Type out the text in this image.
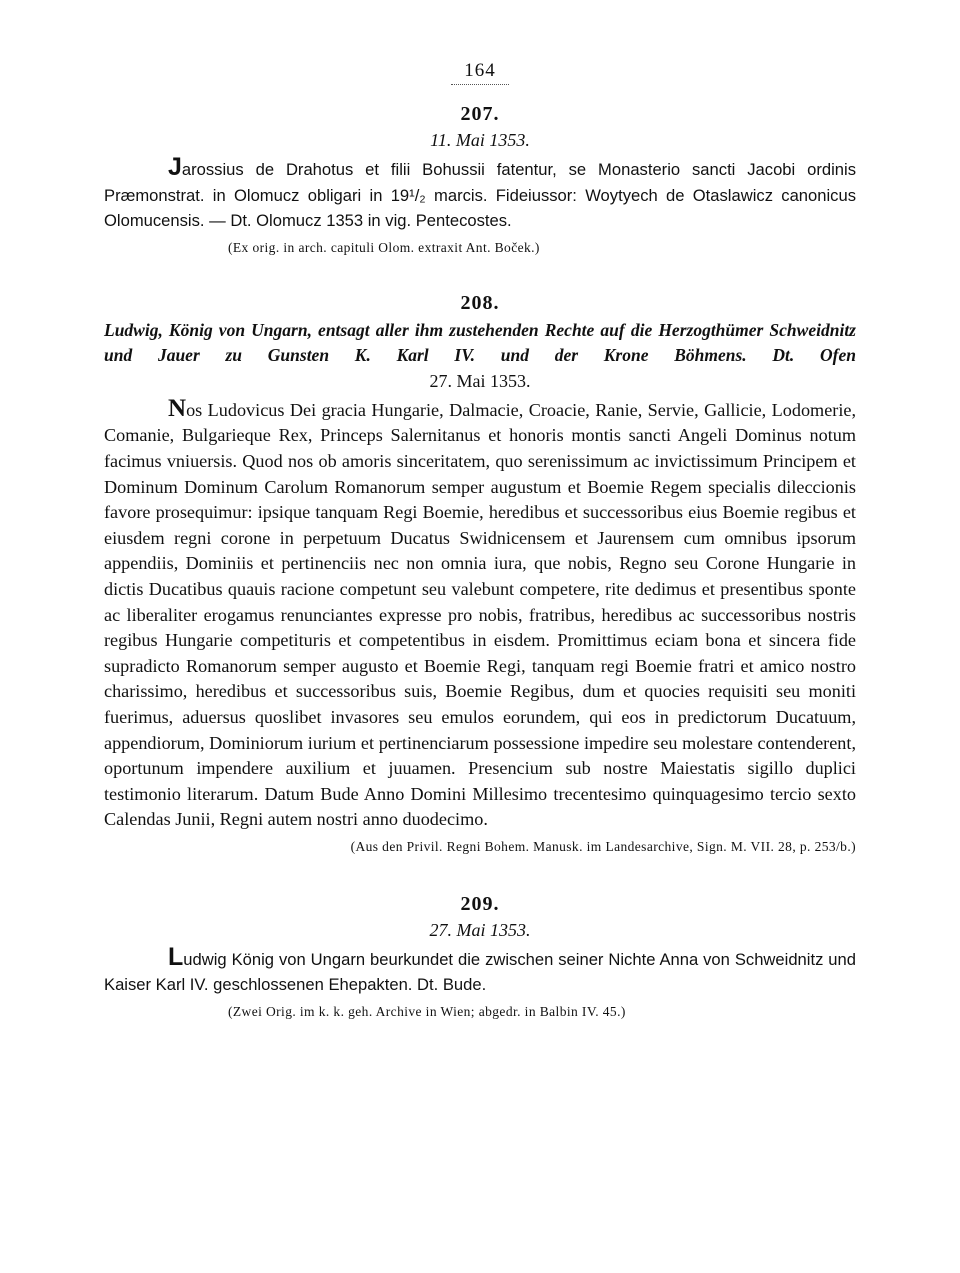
164
207.
11. Mai 1353.

Jarossius de Drahotus et filii Bohussii fatentur, se Monasterio sancti Jacobi ordinis Præmonstrat. in Olomucz obligari in 19¹/₂ marcis. Fideiussor: Woytyech de Otaslawicz canonicus Olomucensis. — Dt. Olomucz 1353 in vig. Pentecostes.

(Ex orig. in arch. capituli Olom. extraxit Ant. Boček.)
208.
Ludwig, König von Ungarn, entsagt aller ihm zustehenden Rechte auf die Herzogthümer Schweidnitz und Jauer zu Gunsten K. Karl IV. und der Krone Böhmens. Dt. Ofen
27. Mai 1353.

Nos Ludovicus Dei gracia Hungarie, Dalmacie, Croacie, Ranie, Servie, Gallicie, Lodomerie, Comanie, Bulgarieque Rex, Princeps Salernitanus et honoris montis sancti Angeli Dominus notum facimus vniuersis. Quod nos ob amoris sinceritatem, quo serenissimum ac invictissimum Principem et Dominum Dominum Carolum Romanorum semper augustum et Boemie Regem specialis dileccionis favore prosequimur: ipsique tanquam Regi Boemie, heredibus et successoribus eius Boemie regibus et eiusdem regni corone in perpetuum Ducatus Swidnicensem et Jaurensem cum omnibus ipsorum appendiis, Dominiis et pertinenciis nec non omnia iura, que nobis, Regno seu Corone Hungarie in dictis Ducatibus quauis racione competunt seu valebunt competere, rite dedimus et presentibus sponte ac liberaliter erogamus renunciantes expresse pro nobis, fratribus, heredibus ac successoribus nostris regibus Hungarie competituris et competentibus in eisdem. Promittimus eciam bona et sincera fide supradicto Romanorum semper augusto et Boemie Regi, tanquam regi Boemie fratri et amico nostro charissimo, heredibus et successoribus suis, Boemie Regibus, dum et quocies requisiti seu moniti fuerimus, aduersus quoslibet invasores seu emulos eorundem, qui eos in predictorum Ducatuum, appendiorum, Dominiorum iurium et pertinenciarum possessione impedire seu molestare contenderent, oportunum impendere auxilium et juuamen. Presencium sub nostre Maiestatis sigillo duplici testimonio literarum. Datum Bude Anno Domini Millesimo trecentesimo quinquagesimo tercio sexto Calendas Junii, Regni autem nostri anno duodecimo.

(Aus den Privil. Regni Bohem. Manusk. im Landesarchive, Sign. M. VII. 28, p. 253/b.)
209.
27. Mai 1353.

Ludwig König von Ungarn beurkundet die zwischen seiner Nichte Anna von Schweidnitz und Kaiser Karl IV. geschlossenen Ehepakten. Dt. Bude.

(Zwei Orig. im k. k. geh. Archive in Wien; abgedr. in Balbin IV. 45.)
